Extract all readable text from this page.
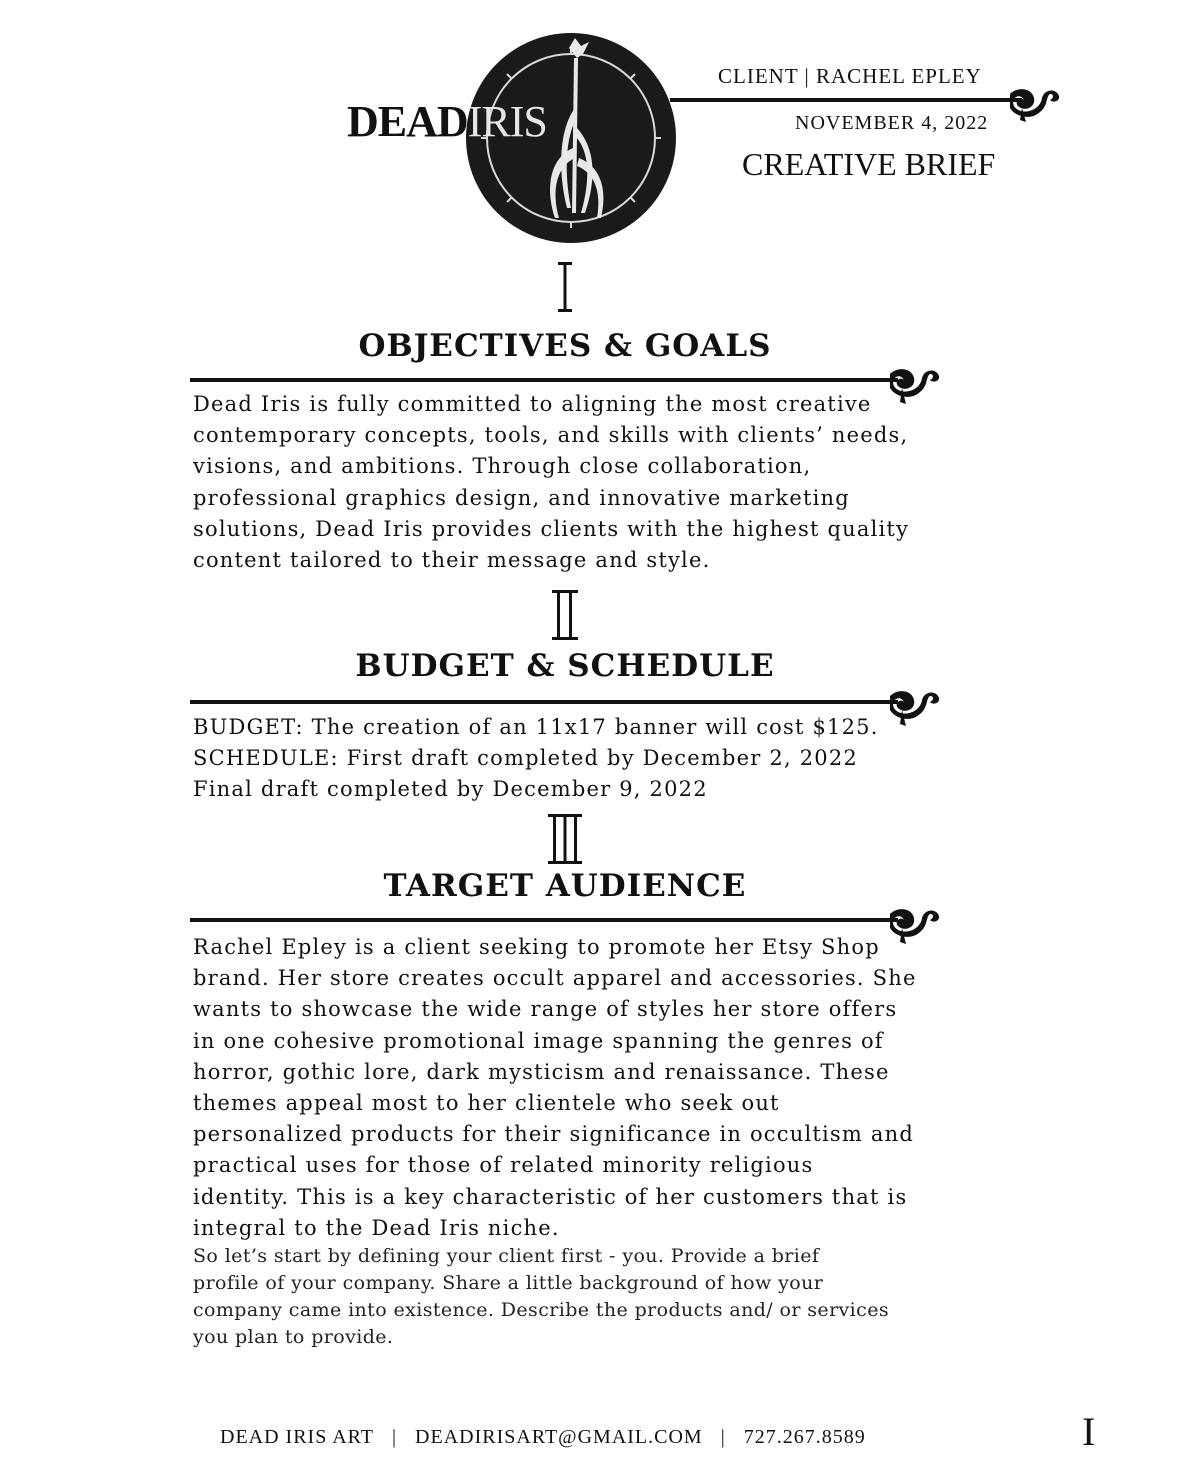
DEADIRIS
CLIENT | RACHEL EPLEY
NOVEMBER 4, 2022
CREATIVE BRIEF
OBJECTIVES & GOALS

Dead Iris is fully committed to aligning the most creative

contemporary concepts, tools, and skills with clients’ needs,

visions, and ambitions. Through close collaboration,

professional graphics design, and innovative marketing

solutions, Dead Iris provides clients with the highest quality

content tailored to their message and style.

BUDGET & SCHEDULE

BUDGET: The creation of an 11x17 banner will cost $125.

SCHEDULE: First draft completed by December 2, 2022

Final draft completed by December 9, 2022

TARGET AUDIENCE

Rachel Epley is a client seeking to promote her Etsy Shop

brand. Her store creates occult apparel and accessories. She

wants to showcase the wide range of styles her store offers

in one cohesive promotional image spanning the genres of

horror, gothic lore, dark mysticism and renaissance. These

themes appeal most to her clientele who seek out

personalized products for their significance in occultism and

practical uses for those of related minority religious

identity. This is a key characteristic of her customers that is

integral to the Dead Iris niche.

So let’s start by defining your client first - you. Provide a brief
profile of your company. Share a little background of how your
company came into existence. Describe the products and/ or services
you plan to provide.
DEAD IRIS ART | DEADIRISART@GMAIL.COM | 727.267.8589	I
